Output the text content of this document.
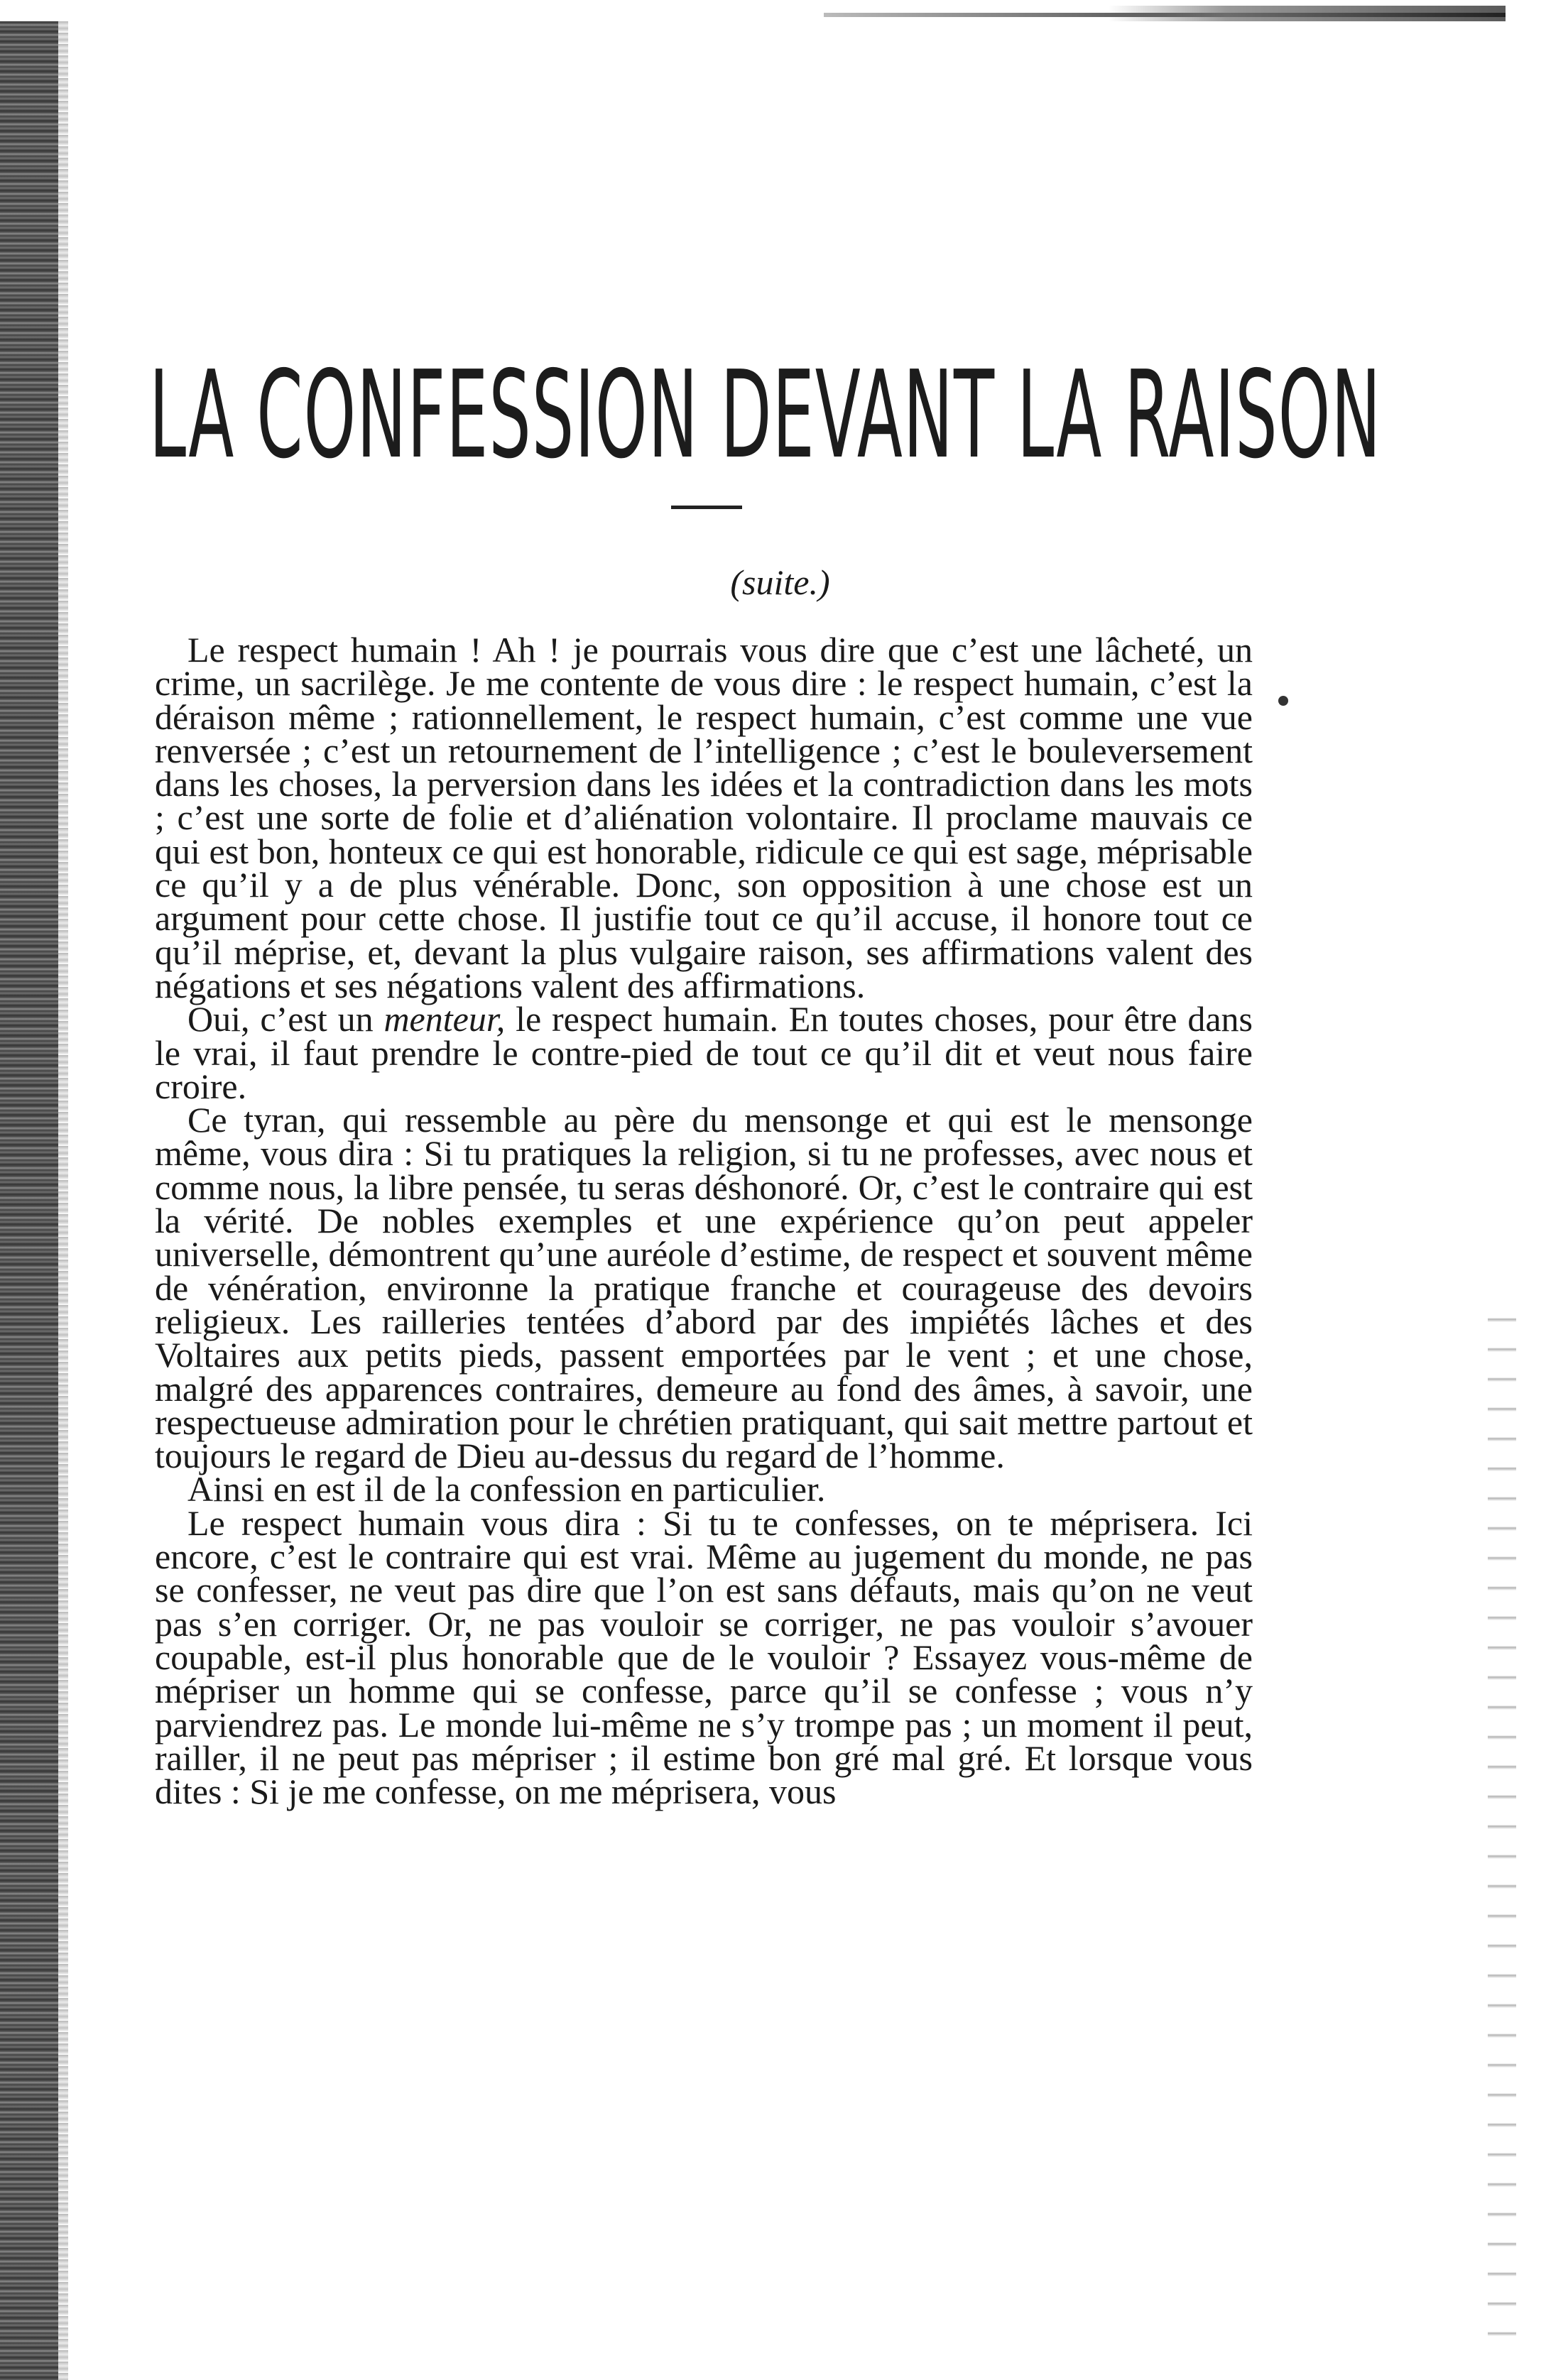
LA CONFESSION DEVANT LA RAISON
(suite.)

Le respect humain ! Ah ! je pourrais vous dire que c’est une lâcheté, un crime, un sacrilège. Je me contente de vous dire : le respect humain, c’est la déraison même ; rationnellement, le respect humain, c’est comme une vue renversée ; c’est un retournement de l’intelligence ; c’est le bouleversement dans les choses, la perversion dans les idées et la contradiction dans les mots ; c’est une sorte de folie et d’aliénation volontaire. Il proclame mauvais ce qui est bon, honteux ce qui est honorable, ridicule ce qui est sage, méprisable ce qu’il y a de plus vénérable. Donc, son opposition à une chose est un argument pour cette chose. Il justifie tout ce qu’il accuse, il honore tout ce qu’il méprise, et, devant la plus vulgaire raison, ses affirmations valent des négations et ses négations valent des affirmations.

Oui, c’est un menteur, le respect humain. En toutes choses, pour être dans le vrai, il faut prendre le contre-pied de tout ce qu’il dit et veut nous faire croire.

Ce tyran, qui ressemble au père du mensonge et qui est le mensonge même, vous dira : Si tu pratiques la religion, si tu ne professes, avec nous et comme nous, la libre pensée, tu seras déshonoré. Or, c’est le contraire qui est la vérité. De nobles exemples et une expérience qu’on peut appeler universelle, démontrent qu’une auréole d’estime, de respect et souvent même de vénération, environne la pratique franche et courageuse des devoirs religieux. Les railleries tentées d’abord par des impiétés lâches et des Voltaires aux petits pieds, passent emportées par le vent ; et une chose, malgré des apparences contraires, demeure au fond des âmes, à savoir, une respectueuse admiration pour le chrétien pratiquant, qui sait mettre partout et toujours le regard de Dieu au-dessus du regard de l’homme.

Ainsi en est il de la confession en particulier.

Le respect humain vous dira : Si tu te confesses, on te méprisera. Ici encore, c’est le contraire qui est vrai. Même au jugement du monde, ne pas se confesser, ne veut pas dire que l’on est sans défauts, mais qu’on ne veut pas s’en corriger. Or, ne pas vouloir se corriger, ne pas vouloir s’avouer coupable, est-il plus honorable que de le vouloir ? Essayez vous-même de mépriser un homme qui se confesse, parce qu’il se confesse ; vous n’y parviendrez pas. Le monde lui-même ne s’y trompe pas ; un moment il peut, railler, il ne peut pas mépriser ; il estime bon gré mal gré. Et lorsque vous dites : Si je me confesse, on me méprisera, vous
